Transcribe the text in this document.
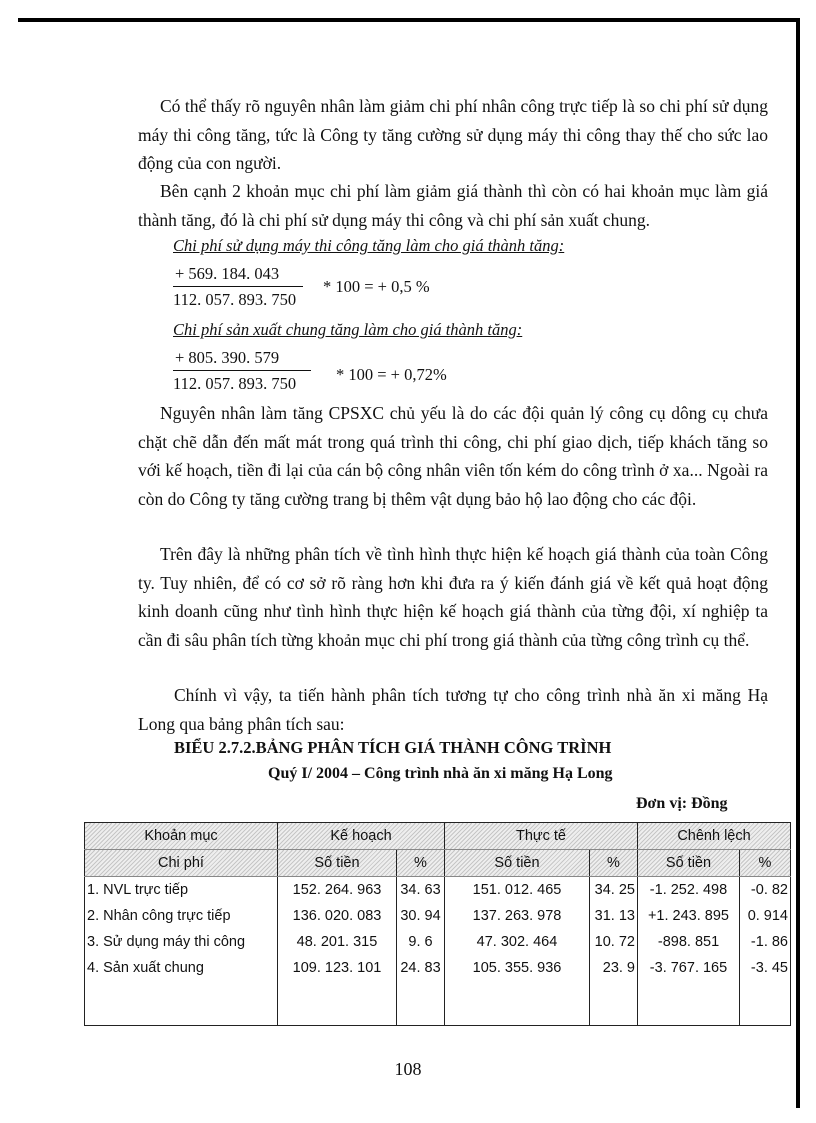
Có thể thấy rõ nguyên nhân làm giảm chi phí nhân công trực tiếp là so chi phí sử dụng máy thi công tăng, tức là Công ty tăng cường sử dụng máy thi công thay thế cho sức lao động của con người.

Bên cạnh 2 khoản mục chi phí làm giảm giá thành thì còn có hai khoản mục làm giá thành tăng, đó là chi phí sử dụng máy thi công và chi phí sản xuất chung.

Chi phí sử dụng máy thi công tăng làm cho giá thành tăng:
+ 569. 184. 043
112. 057. 893. 750
* 100 = + 0,5 %
Chi phí sản xuất chung tăng làm cho giá thành tăng:
+ 805. 390. 579
112. 057. 893. 750 * 100 = + 0,72%

Nguyên nhân làm tăng CPSXC chủ yếu là do các đội quản lý công cụ dông cụ chưa chặt chẽ dẫn đến mất mát trong quá trình thi công, chi phí giao dịch, tiếp khách tăng so với kế hoạch, tiền đi lại của cán bộ công nhân viên tốn kém do công trình ở xa... Ngoài ra còn do Công ty tăng cường trang bị thêm vật dụng bảo hộ lao động cho các đội.

Trên đây là những phân tích về tình hình thực hiện kế hoạch giá thành của toàn Công ty. Tuy nhiên, để có cơ sở rõ ràng hơn khi đưa ra ý kiến đánh giá về kết quả hoạt động kinh doanh cũng như tình hình thực hiện kế hoạch giá thành của từng đội, xí nghiệp ta cần đi sâu phân tích từng khoản mục chi phí trong giá thành của từng công trình cụ thể.

Chính vì vậy, ta tiến hành phân tích tương tự cho công trình nhà ăn xi măng Hạ Long qua bảng phân tích sau:

BIỂU 2.7.2.BẢNG PHÂN TÍCH GIÁ THÀNH CÔNG TRÌNH
Quý I/ 2004 – Công trình nhà ăn xi măng Hạ Long
Đơn vị: Đồng
Khoản mục	Kế hoạch		Thực tế		Chênh lệch	
Chi phí	Số tiền	%	Số tiền	%	Số tiền	%
1. NVL trực tiếp	152. 264. 963	34. 63	151. 012. 465	34. 25	-1. 252. 498	-0. 82
2. Nhân công trực tiếp	136. 020. 083	30. 94	137. 263. 978	31. 13	+1. 243. 895	0. 914
3. Sử dụng máy thi công	48. 201. 315	9. 6	47. 302. 464	10. 72	-898. 851	-1. 86
4. Sản xuất chung	109. 123. 101	24. 83	105. 355. 936	23. 9	-3. 767. 165	-3. 45

108
